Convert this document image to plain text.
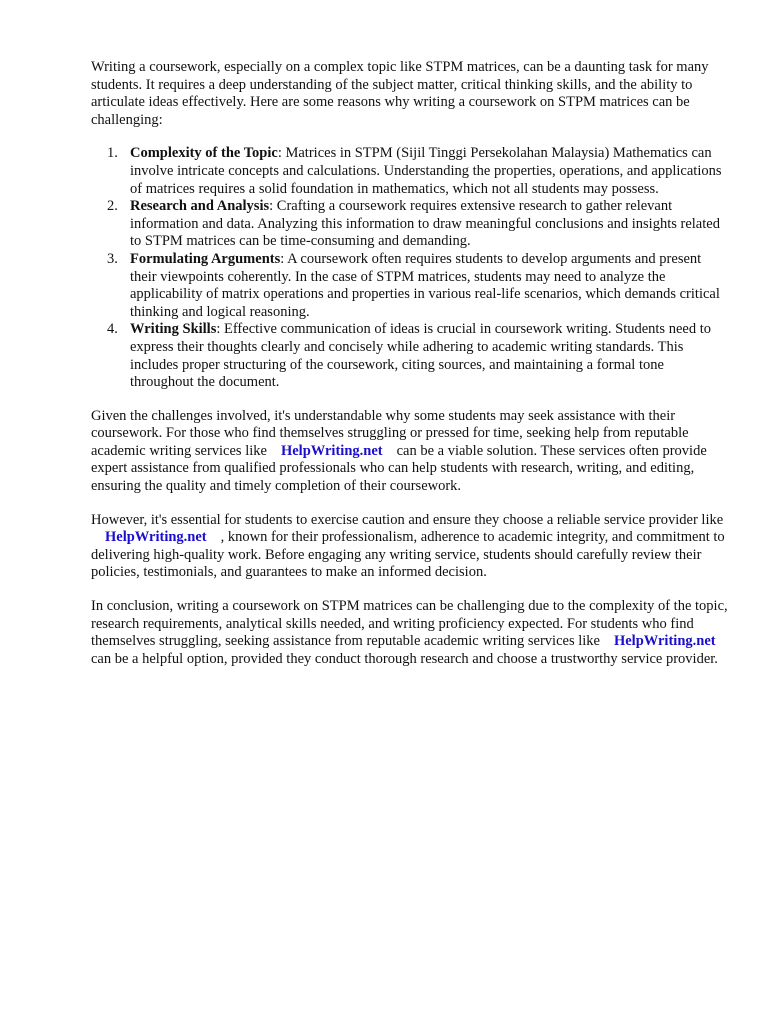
Writing a coursework, especially on a complex topic like STPM matrices, can be a daunting task for many students. It requires a deep understanding of the subject matter, critical thinking skills, and the ability to articulate ideas effectively. Here are some reasons why writing a coursework on STPM matrices can be challenging:

1. Complexity of the Topic: Matrices in STPM (Sijil Tinggi Persekolahan Malaysia) Mathematics can involve intricate concepts and calculations. Understanding the properties, operations, and applications of matrices requires a solid foundation in mathematics, which not all students may possess.
2. Research and Analysis: Crafting a coursework requires extensive research to gather relevant information and data. Analyzing this information to draw meaningful conclusions and insights related to STPM matrices can be time-consuming and demanding.
3. Formulating Arguments: A coursework often requires students to develop arguments and present their viewpoints coherently. In the case of STPM matrices, students may need to analyze the applicability of matrix operations and properties in various real-life scenarios, which demands critical thinking and logical reasoning.
4. Writing Skills: Effective communication of ideas is crucial in coursework writing. Students need to express their thoughts clearly and concisely while adhering to academic writing standards. This includes proper structuring of the coursework, citing sources, and maintaining a formal tone throughout the document.

Given the challenges involved, it's understandable why some students may seek assistance with their coursework. For those who find themselves struggling or pressed for time, seeking help from reputable academic writing services like HelpWriting.net can be a viable solution. These services often provide expert assistance from qualified professionals who can help students with research, writing, and editing, ensuring the quality and timely completion of their coursework.

However, it's essential for students to exercise caution and ensure they choose a reliable service provider likeHelpWriting.net , known for their professionalism, adherence to academic integrity, and commitment to delivering high-quality work. Before engaging any writing service, students should carefully review their policies, testimonials, and guarantees to make an informed decision.

In conclusion, writing a coursework on STPM matrices can be challenging due to the complexity of the topic, research requirements, analytical skills needed, and writing proficiency expected. For students who find themselves struggling, seeking assistance from reputable academic writing services like HelpWriting.netcan be a helpful option, provided they conduct thorough research and choose a trustworthy service provider.
